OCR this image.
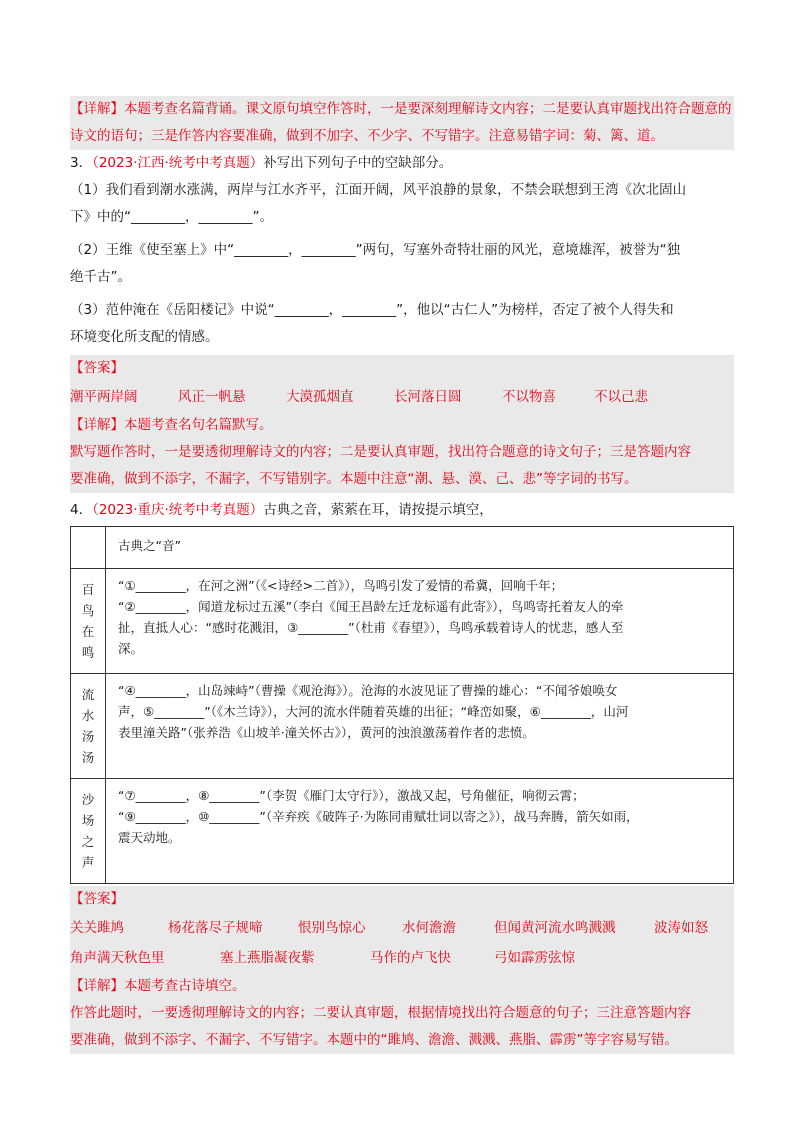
【详解】本题考查名篇背诵。课文原句填空作答时，一是要深刻理解诗文内容；二是要认真审题找出符合题意的诗文的语句；三是作答内容要准确，做到不加字、不少字、不写错字。注意易错字词：菊、篱、道。

3．（2023·江西·统考中考真题）补写出下列句子中的空缺部分。

（1）我们看到潮水涨满，两岸与江水齐平，江面开阔，风平浪静的景象，不禁会联想到王湾《次北固山

下》中的“________，________”。

（2）王维《使至塞上》中“________，________”两句，写塞外奇特壮丽的风光，意境雄浑，被誉为“独

绝千古”。

（3）范仲淹在《岳阳楼记》中说“________，________”，他以“古仁人”为榜样，否定了被个人得失和

环境变化所支配的情感。

【答案】

潮平两岸阔	风正一帆悬	大漠孤烟直	长河落日圆	不以物喜	不以己悲

【详解】本题考查名句名篇默写。

默写题作答时，一是要透彻理解诗文的内容；二是要认真审题，找出符合题意的诗文句子；三是答题内容

要准确，做到不添字，不漏字，不写错别字。本题中注意“潮、悬、漠、己、悲”等字词的书写。

4．（2023·重庆·统考中考真题）古典之音，萦萦在耳，请按提示填空，

	古典之“音”
百鸟在鸣	“①________，在河之洲”（《<诗经>二首》），鸟鸣引发了爱情的希冀，回响千年；
“②________，闻道龙标过五溪”（李白《闻王昌龄左迁龙标遥有此寄》），鸟鸣寄托着友人的牵
扯，直抵人心：“感时花溅泪，③________”（杜甫《春望》），鸟鸣承载着诗人的忧悲，感人至
深。

流水汤汤	“④________，山岛竦峙”（曹操《观沧海》）。沧海的水波见证了曹操的雄心：“不闻爷娘唤女
声，⑤________”（《木兰诗》），大河的流水伴随着英雄的出征；“峰峦如聚，⑥________，山河
表里潼关路”（张养浩《山坡羊·潼关怀古》），黄河的浊浪激荡着作者的悲愤。

沙场之声	“⑦________，⑧________”（李贺《雁门太守行》），激战又起，号角催征，响彻云霄；
“⑨________，⑩________”（辛弃疾《破阵子·为陈同甫赋壮词以寄之》），战马奔腾，箭矢如雨，
震天动地。

【答案】

关关雎鸠	杨花落尽子规啼	恨别鸟惊心	水何澹澹	但闻黄河流水鸣溅溅	波涛如怒
角声满天秋色里	塞上燕脂凝夜紫	马作的卢飞快	弓如霹雳弦惊

【详解】本题考查古诗填空。

作答此题时，一要透彻理解诗文的内容；二要认真审题，根据情境找出符合题意的句子；三注意答题内容

要准确，做到不添字、不漏字、不写错字。本题中的“雎鸠、澹澹、溅溅、燕脂、霹雳”等字容易写错。
